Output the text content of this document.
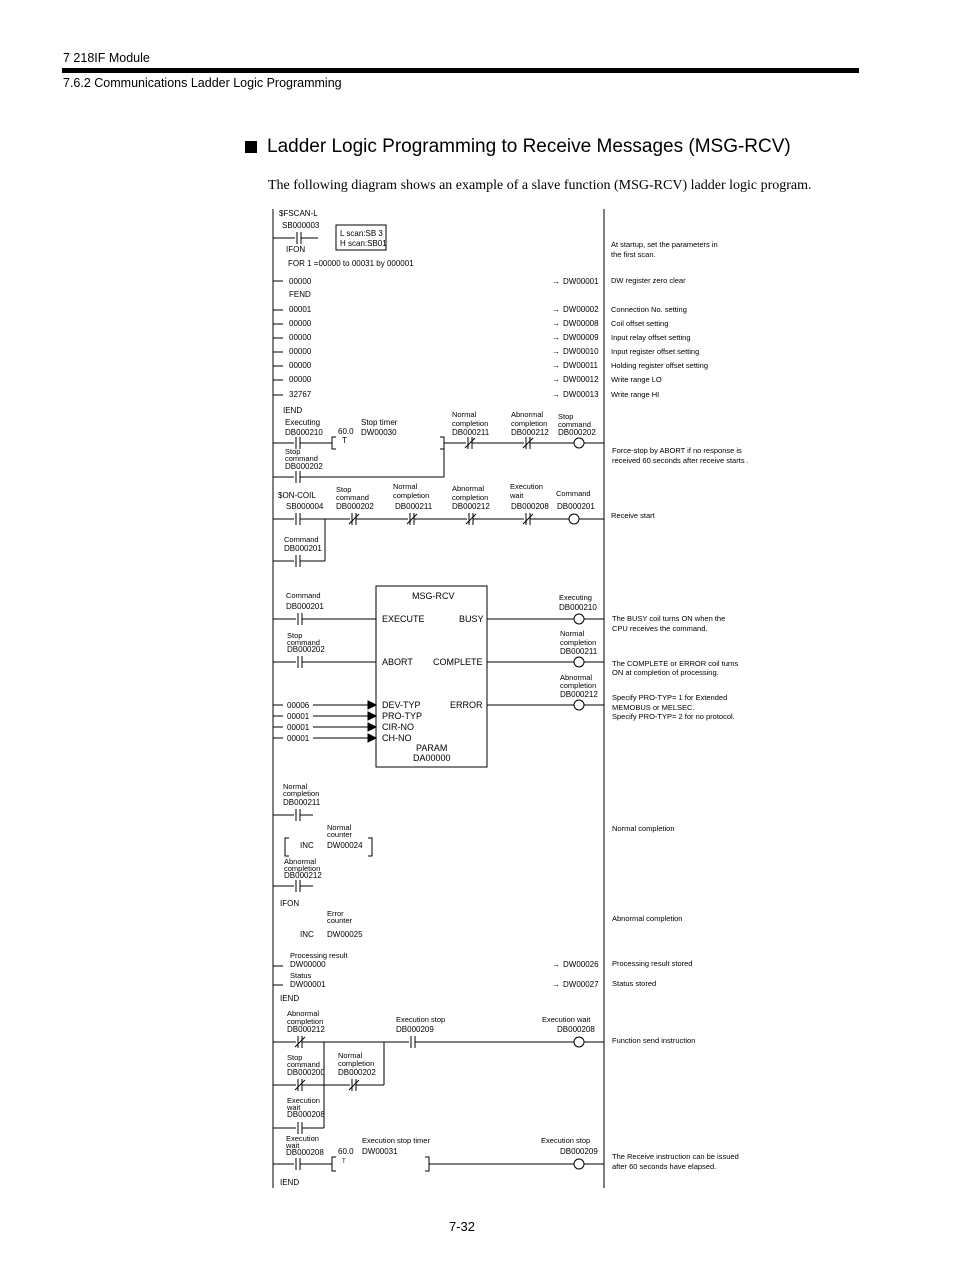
7 218IF Module
7.6.2 Communications Ladder Logic Programming
Ladder Logic Programming to Receive Messages (MSG-RCV)
The following diagram shows an example of a slave function (MSG-RCV) ladder logic program.
$FSCAN-L
SB000003
L scan:SB 3
H scan:SB01
IFON
FOR 1 =00000 to 00031 by 000001
00000	→ DW00001
FEND
At startup, set the parameters in
the first scan.
DW register zero clear
00001	→ DW00002 Connection No. setting
00000	→ DW00008 Coil offset setting
00000	→ DW00009 Input relay offset setting
00000	→ DW00010 Input register offset setting
00000	→ DW00011 Holding register offset setting
00000	→ DW00012 Write range LO
32767	→ DW00013 Write range HI
IEND
Executing
DB000210 60.0
T
Stop timer
DW00030
Normal
completion
DB000211
Abnormal
completion
DB000212
Stop
command
DB000202
Stop
command
DB000202
Force-stop by ABORT if no response is
received 60 seconds after receive starts .
$ON-COIL
SB000004
Stop
command
DB000202
Normal
completion
DB000211
Abnormal
completion
DB000212
Execution
wait
DB000208
Command
DB000201
Command
DB000201
Receive start
MSG-RCV
EXECUTE	BUSY
ABORT COMPLETE
DEV-TYP	ERROR
PRO-TYP
CIR-NO
CH-NO
PARAM
DA00000
Command
DB000201
Stop
command
DB000202
00006
00001
00001
00001
Executing
DB000210
Normal
completion
DB000211
Abnormal
completion
DB000212
The BUSY coil turns ON when the
CPU receives the command.
The COMPLETE or ERROR coil turns
ON at completion of processing.
Specify PRO-TYP= 1 for Extended
MEMOBUS or MELSEC.
Specify PRO-TYP= 2 for no protocol.
Normal
completion
DB000211
Normal
counter
INC DW00024
Abnormal
completion
DB000212
IFON
Error
counter
INC DW00025
Normal completion
Abnormal completion
Processing result
DW00000	→ DW00026
Status
DW00001	→ DW00027
IEND
Processing result stored
Status stored
Abnormal
completion
DB000212
Execution stop
DB000209
Execution wait
DB000208
Stop
command
DB000200
Normal
completion
DB000202
Execution
wait
DB000208
Function send instruction
Execution
wait
DB000208 60.0
T
Execution stop timer
DW00031
Execution stop
DB000209
The Receive instruction can be issued
after 60 seconds have elapsed.
IEND
7-32
